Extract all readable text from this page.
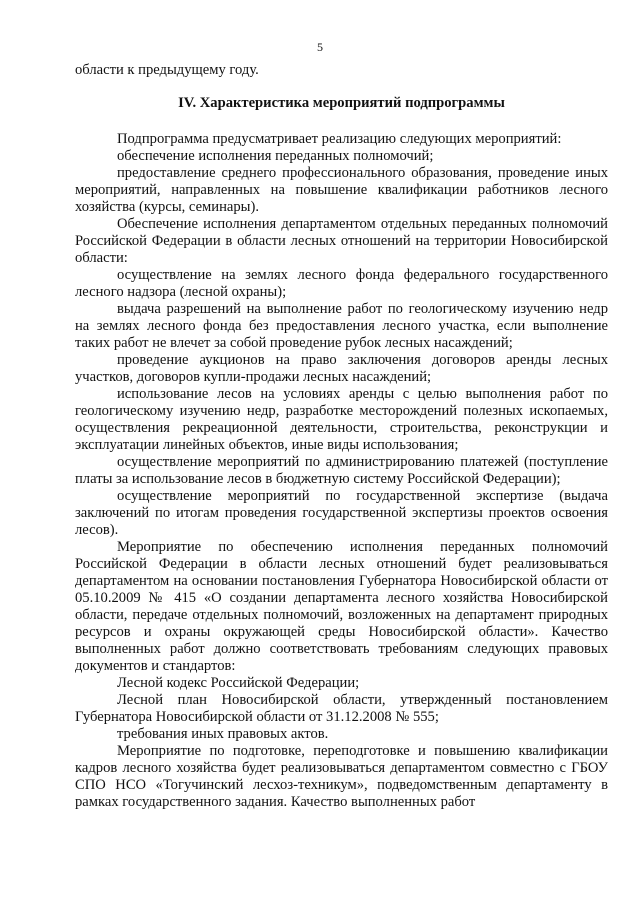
5

области к предыдущему году.

IV. Характеристика мероприятий подпрограммы

Подпрограмма предусматривает реализацию следующих мероприятий:

обеспечение исполнения переданных полномочий;

предоставление среднего профессионального образования, проведение иных мероприятий, направленных на повышение квалификации работников лесного хозяйства (курсы, семинары).

Обеспечение исполнения департаментом отдельных переданных полномочий Российской Федерации в области лесных отношений на территории Новосибирской области:

осуществление на землях лесного фонда федерального государственного лесного надзора (лесной охраны);

выдача разрешений на выполнение работ по геологическому изучению недр на землях лесного фонда без предоставления лесного участка, если выполнение таких работ не влечет за собой проведение рубок лесных насаждений;

проведение аукционов на право заключения договоров аренды лесных участков, договоров купли-продажи лесных насаждений;

использование лесов на условиях аренды с целью выполнения работ по геологическому изучению недр, разработке месторождений полезных ископаемых, осуществления рекреационной деятельности, строительства, реконструкции и эксплуатации линейных объектов, иные виды использования;

осуществление мероприятий по администрированию платежей (поступление платы за использование лесов в бюджетную систему Российской Федерации);

осуществление мероприятий по государственной экспертизе (выдача заключений по итогам проведения государственной экспертизы проектов освоения лесов).

Мероприятие по обеспечению исполнения переданных полномочий Российской Федерации в области лесных отношений будет реализовываться департаментом на основании постановления Губернатора Новосибирской области от 05.10.2009 № 415 «О создании департамента лесного хозяйства Новосибирской области, передаче отдельных полномочий, возложенных на департамент природных ресурсов и охраны окружающей среды Новосибирской области». Качество выполненных работ должно соответствовать требованиям следующих правовых документов и стандартов:

Лесной кодекс Российской Федерации;

Лесной план Новосибирской области, утвержденный постановлением Губернатора Новосибирской области от 31.12.2008 № 555;

требования иных правовых актов.

Мероприятие по подготовке, переподготовке и повышению квалификации кадров лесного хозяйства будет реализовываться департаментом совместно с ГБОУ СПО НСО «Тогучинский лесхоз-техникум», подведомственным департаменту в рамках государственного задания. Качество выполненных работ
